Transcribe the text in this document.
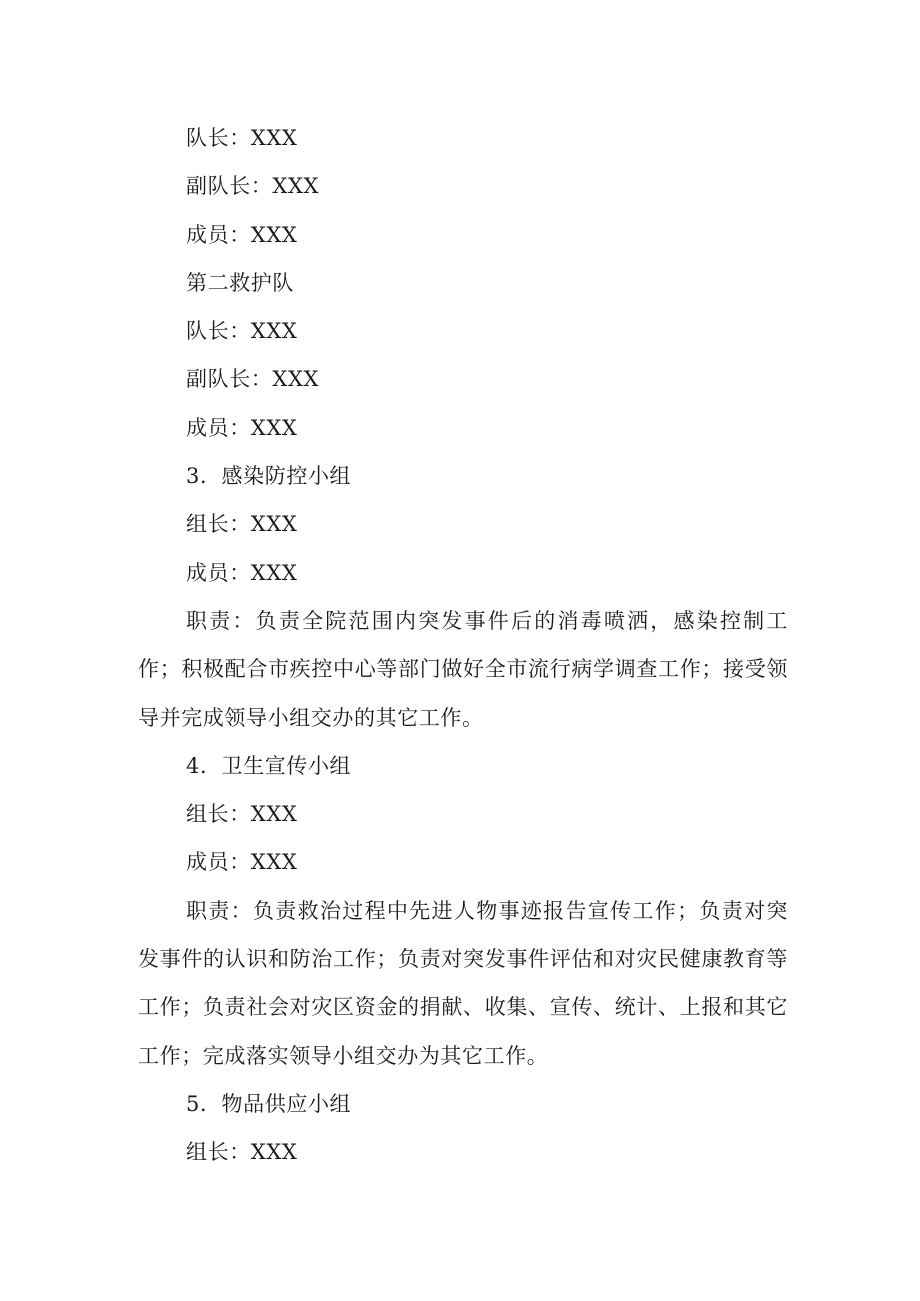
队长：XXX

副队长：XXX

成员：XXX

第二救护队

队长：XXX

副队长：XXX

成员：XXX

3．感染防控小组

组长：XXX

成员：XXX

职责：负责全院范围内突发事件后的消毒喷洒，感染控制工作；积极配合市疾控中心等部门做好全市流行病学调查工作；接受领导并完成领导小组交办的其它工作。

4．卫生宣传小组

组长：XXX

成员：XXX

职责：负责救治过程中先进人物事迹报告宣传工作；负责对突发事件的认识和防治工作；负责对突发事件评估和对灾民健康教育等工作；负责社会对灾区资金的捐献、收集、宣传、统计、上报和其它工作；完成落实领导小组交办为其它工作。

5．物品供应小组

组长：XXX
